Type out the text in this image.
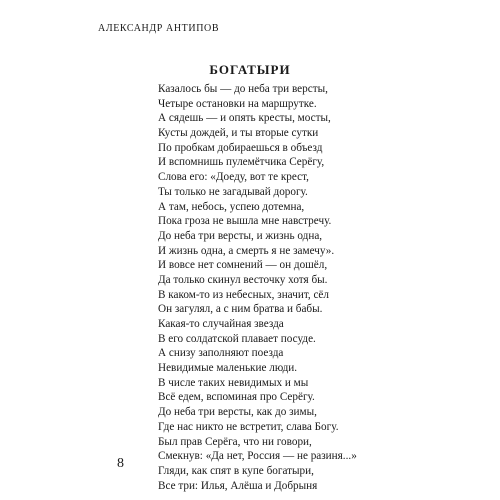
АЛЕКСАНДР АНТИПОВ
БОГАТЫРИ
Казалось бы — до неба три версты,
Четыре остановки на маршрутке.
А сядешь — и опять кресты, мосты,
Кусты дождей, и ты вторые сутки
По пробкам добираешься в объезд
И вспомнишь пулемётчика Серёгу,
Слова его: «Доеду, вот те крест,
Ты только не загадывай дорогу.
А там, небось, успею дотемна,
Пока гроза не вышла мне навстречу.
До неба три версты, и жизнь одна,
И жизнь одна, а смерть я не замечу».
И вовсе нет сомнений — он дошёл,
Да только скинул весточку хотя бы.
В каком-то из небесных, значит, сёл
Он загулял, а с ним братва и бабы.
Какая-то случайная звезда
В его солдатской плавает посуде.
А снизу заполняют поезда
Невидимые маленькие люди.
В числе таких невидимых и мы
Всё едем, вспоминая про Серёгу.
До неба три версты, как до зимы,
Где нас никто не встретит, слава Богу.
Был прав Серёга, что ни говори,
Смекнув: «Да нет, Россия — не разиня...»
Гляди, как спят в купе богатыри,
Все три: Илья, Алёша и Добрыня
8
